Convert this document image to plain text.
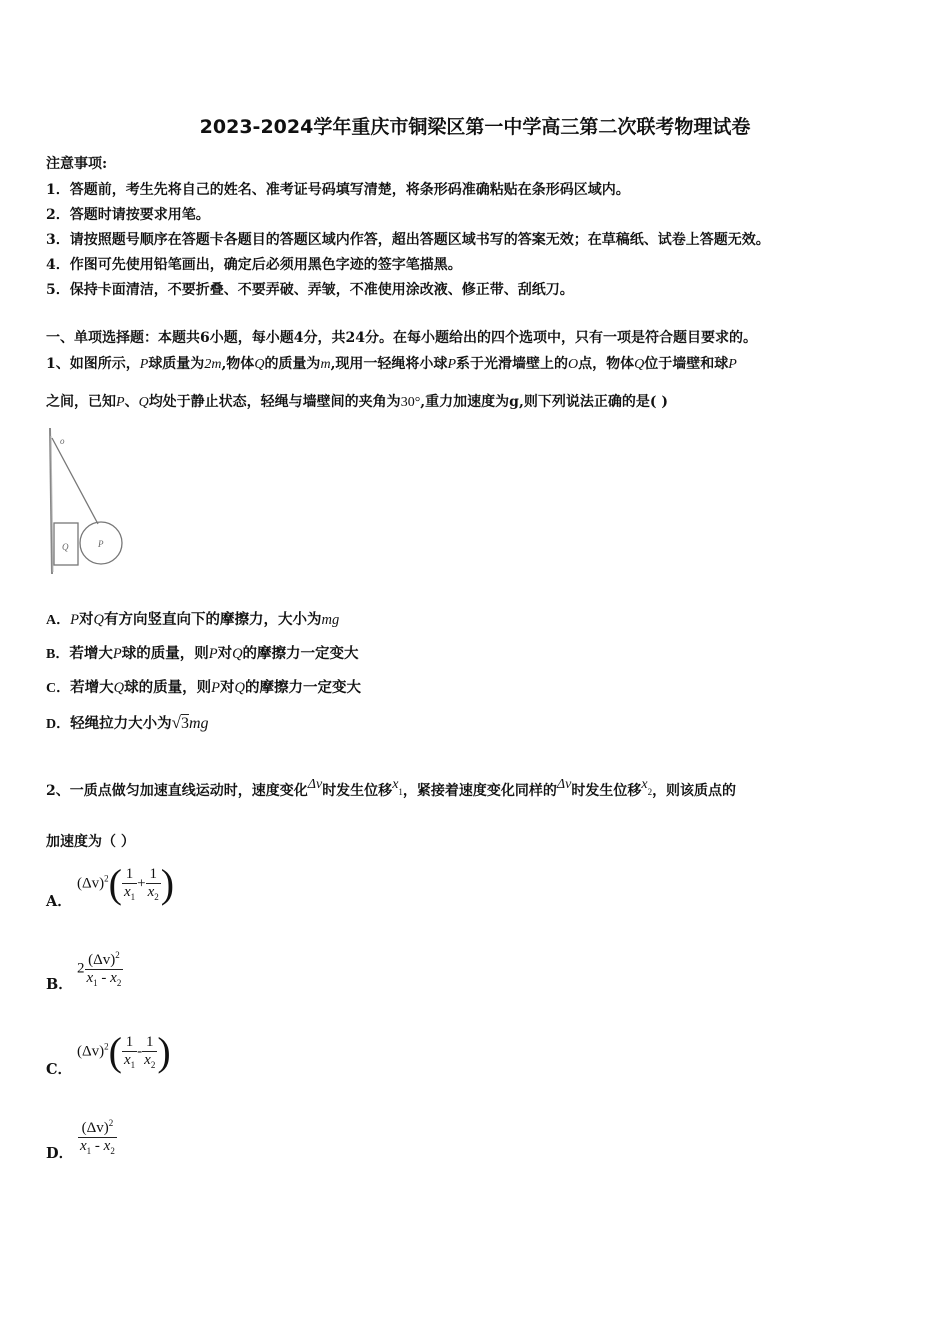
2023-2024学年重庆市铜梁区第一中学高三第二次联考物理试卷
注意事项:
1．答题前，考生先将自己的姓名、准考证号码填写清楚，将条形码准确粘贴在条形码区域内。
2．答题时请按要求用笔。
3．请按照题号顺序在答题卡各题目的答题区域内作答，超出答题区域书写的答案无效；在草稿纸、试卷上答题无效。
4．作图可先使用铅笔画出，确定后必须用黑色字迹的签字笔描黑。
5．保持卡面清洁，不要折叠、不要弄破、弄皱，不准使用涂改液、修正带、刮纸刀。
一、单项选择题：本题共6小题，每小题4分，共24分。在每小题给出的四个选项中，只有一项是符合题目要求的。
1、如图所示，P球质量为2m,物体Q的质量为m,现用一轻绳将小球P系于光滑墙壁上的O点，物体Q位于墙壁和球P
之间，已知P、Q均处于静止状态，轻绳与墙壁间的夹角为30°,重力加速度为g,则下列说法正确的是( )
o
Q	P
A．P对Q有方向竖直向下的摩擦力，大小为mg
B．若增大P球的质量，则P对Q的摩擦力一定变大
C．若增大Q球的质量，则P对Q的摩擦力一定变大
D．轻绳拉力大小为√3mg
2、一质点做匀加速直线运动时，速度变化Δv时发生位移$x_1$，紧接着速度变化同样的Δv时发生位移$x_2$，则该质点的
加速度为（ ）
A．
$(\Delta v)^2( \frac{1}{x_1} + \frac{1}{x_2}$ )
B．
$2 \frac{(\Delta v)^2}{x_1 - x_2}$
C．
$(\Delta v)^2( \frac{1}{x_1} - \frac{1}{x_2}$ )
D． $\frac{(\Delta v)^2}{x_1 - x_2}$
